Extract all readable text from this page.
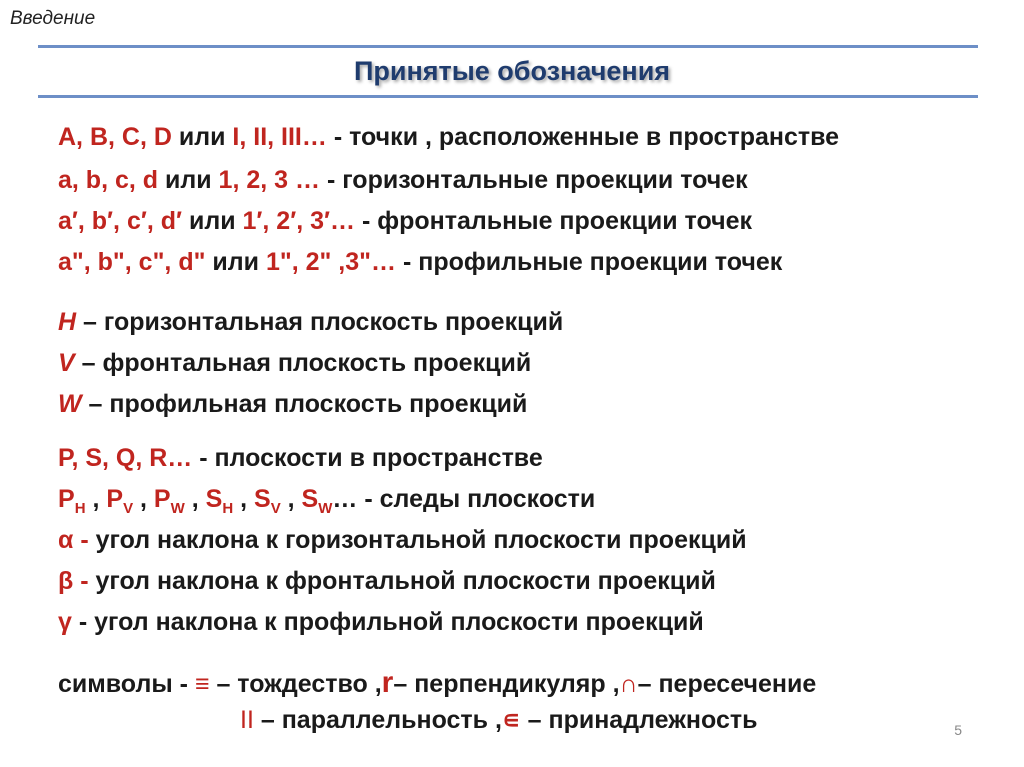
Введение
Принятые обозначения
A, B, C, D или I, II, III… - точки , расположенные в пространстве
a, b, c, d или 1, 2, 3 … - горизонтальные проекции точек
a′, b′, c′, d′ или 1′, 2′, 3′… - фронтальные проекции точек
a", b", c", d" или 1", 2" ,3"… - профильные проекции точек
H – горизонтальная плоскость проекций
V – фронтальная плоскость проекций
W – профильная плоскость проекций
P, S, Q, R… - плоскости в пространстве
$P_H$ , $P_V$ , $P_W$ , $S_H$ , $S_V$ , $S_W\dots$ - следы плоскости
α - угол наклона к горизонтальной плоскости проекций
β - угол наклона к фронтальной плоскости проекций
γ - угол наклона к профильной плоскости проекций
символы - ≡ – тождество ,r– перпендикуляр ,∩– пересечение
II – параллельность ,∊ – принадлежность	5
